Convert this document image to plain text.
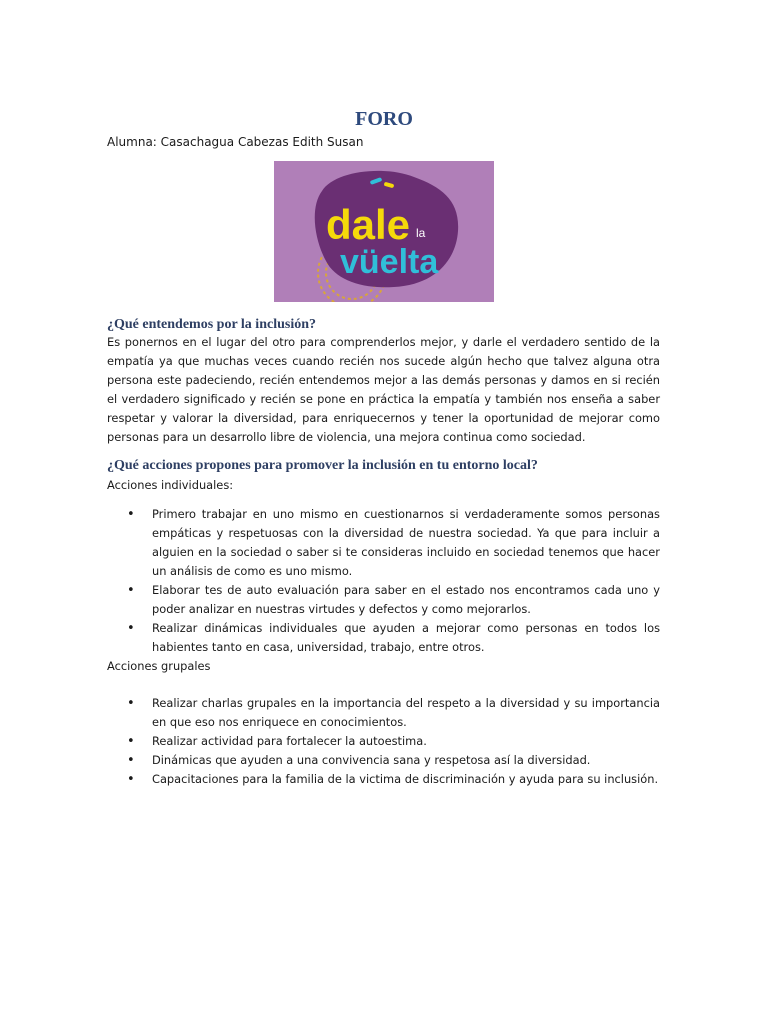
FORO
Alumna: Casachagua Cabezas Edith Susan
dale la
vüelta
¿Qué entendemos por la inclusión?
Es ponernos en el lugar del otro para comprenderlos mejor, y darle el verdadero sentido de la empatía ya que muchas veces cuando recién nos sucede algún hecho que talvez alguna otra persona este padeciendo, recién entendemos mejor a las demás personas y damos en si recién el verdadero significado y recién se pone en práctica la empatía y también nos enseña a saber respetar y valorar la diversidad, para enriquecernos y tener la oportunidad de mejorar como personas para un desarrollo libre de violencia, una mejora continua como sociedad.
¿Qué acciones propones para promover la inclusión en tu entorno local?
Acciones individuales:
• Primero trabajar en uno mismo en cuestionarnos si verdaderamente somos personas empáticas y respetuosas con la diversidad de nuestra sociedad. Ya que para incluir a alguien en la sociedad o saber si te consideras incluido en sociedad tenemos que hacer un análisis de como es uno mismo.
• Elaborar tes de auto evaluación para saber en el estado nos encontramos cada uno y poder analizar en nuestras virtudes y defectos y como mejorarlos.
• Realizar dinámicas individuales que ayuden a mejorar como personas en todos los habientes tanto en casa, universidad, trabajo, entre otros.
Acciones grupales
• Realizar charlas grupales en la importancia del respeto a la diversidad y su importancia en que eso nos enriquece en conocimientos.
• Realizar actividad para fortalecer la autoestima.
• Dinámicas que ayuden a una convivencia sana y respetosa así la diversidad.
• Capacitaciones para la familia de la victima de discriminación y ayuda para su inclusión.
